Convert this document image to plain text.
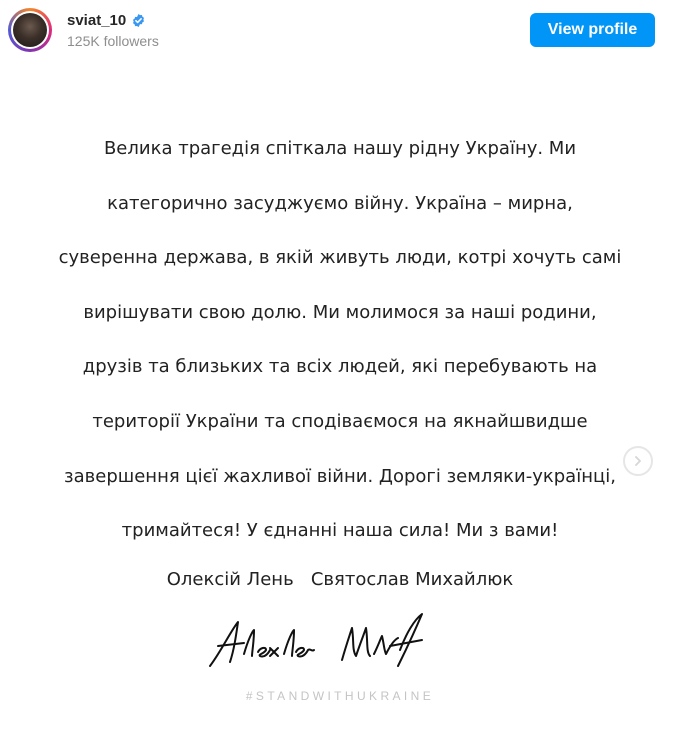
sviat_10
125K followers
View profile
Велика трагедія спіткала нашу рідну Україну. Ми
категорично засуджуємо війну. Україна – мирна,
суверенна держава, в якій живуть люди, котрі хочуть самі
вирішувати свою долю. Ми молимося за наші родини,
друзів та близьких та всіх людей, які перебувають на
території України та сподіваємося на якнайшвидше
завершення цієї жахливої війни. Дорогі земляки-українці,
тримайтеся! У єднанні наша сила! Ми з вами!
Олексій Лень   Святослав Михайлюк
#STANDWITHUKRAINE
